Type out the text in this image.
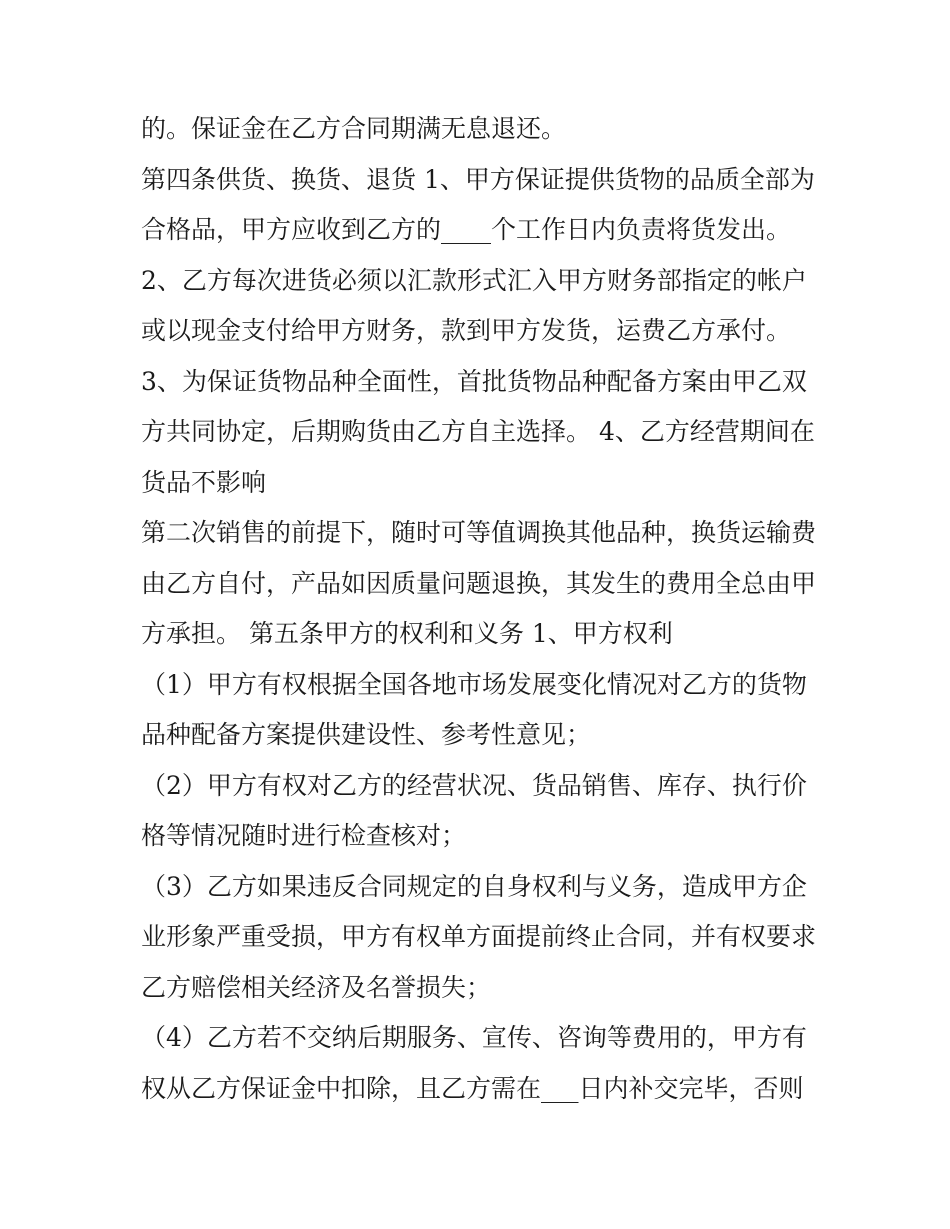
的。保证金在乙方合同期满无息退还。
第四条供货、换货、退货 1、甲方保证提供货物的品质全部为
合格品，甲方应收到乙方的____个工作日内负责将货发出。
2、乙方每次进货必须以汇款形式汇入甲方财务部指定的帐户
或以现金支付给甲方财务，款到甲方发货，运费乙方承付。
3、为保证货物品种全面性，首批货物品种配备方案由甲乙双
方共同协定，后期购货由乙方自主选择。 4、乙方经营期间在
货品不影响
第二次销售的前提下，随时可等值调换其他品种，换货运输费
由乙方自付，产品如因质量问题退换，其发生的费用全总由甲
方承担。 第五条甲方的权利和义务 1、甲方权利
（1）甲方有权根据全国各地市场发展变化情况对乙方的货物
品种配备方案提供建设性、参考性意见；
（2）甲方有权对乙方的经营状况、货品销售、库存、执行价
格等情况随时进行检查核对；
（3）乙方如果违反合同规定的自身权利与义务，造成甲方企
业形象严重受损，甲方有权单方面提前终止合同，并有权要求
乙方赔偿相关经济及名誉损失；
（4）乙方若不交纳后期服务、宣传、咨询等费用的，甲方有
权从乙方保证金中扣除，且乙方需在___日内补交完毕，否则
